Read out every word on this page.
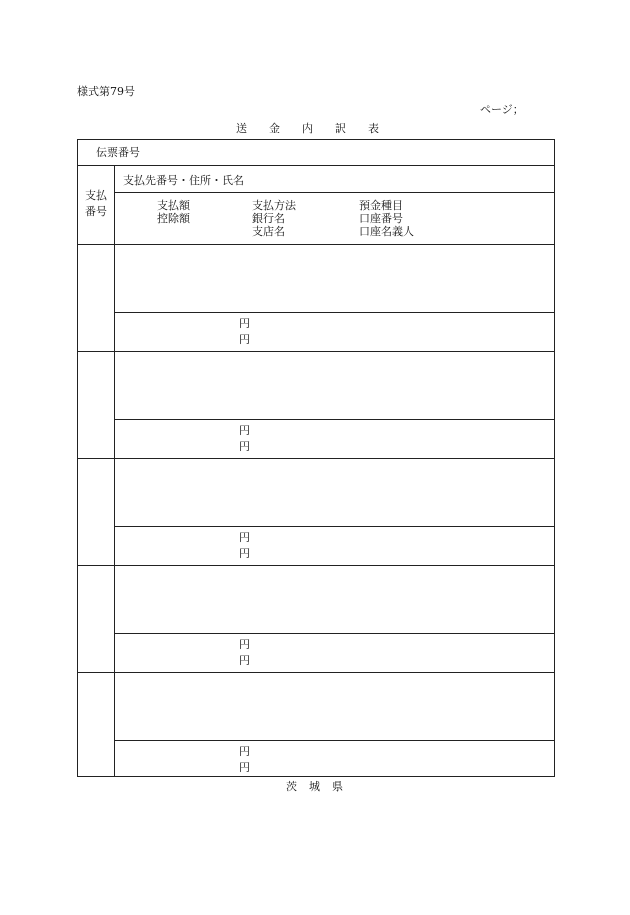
様式第79号
ページ；
送金内訳表
伝票番号
支払番号
支払先番号・住所・氏名
支払額
控除額
支払方法
銀行名
支店名
預金種目
口座番号
口座名義人
円
円
円
円
円
円
円
円
円
円
茨城県
